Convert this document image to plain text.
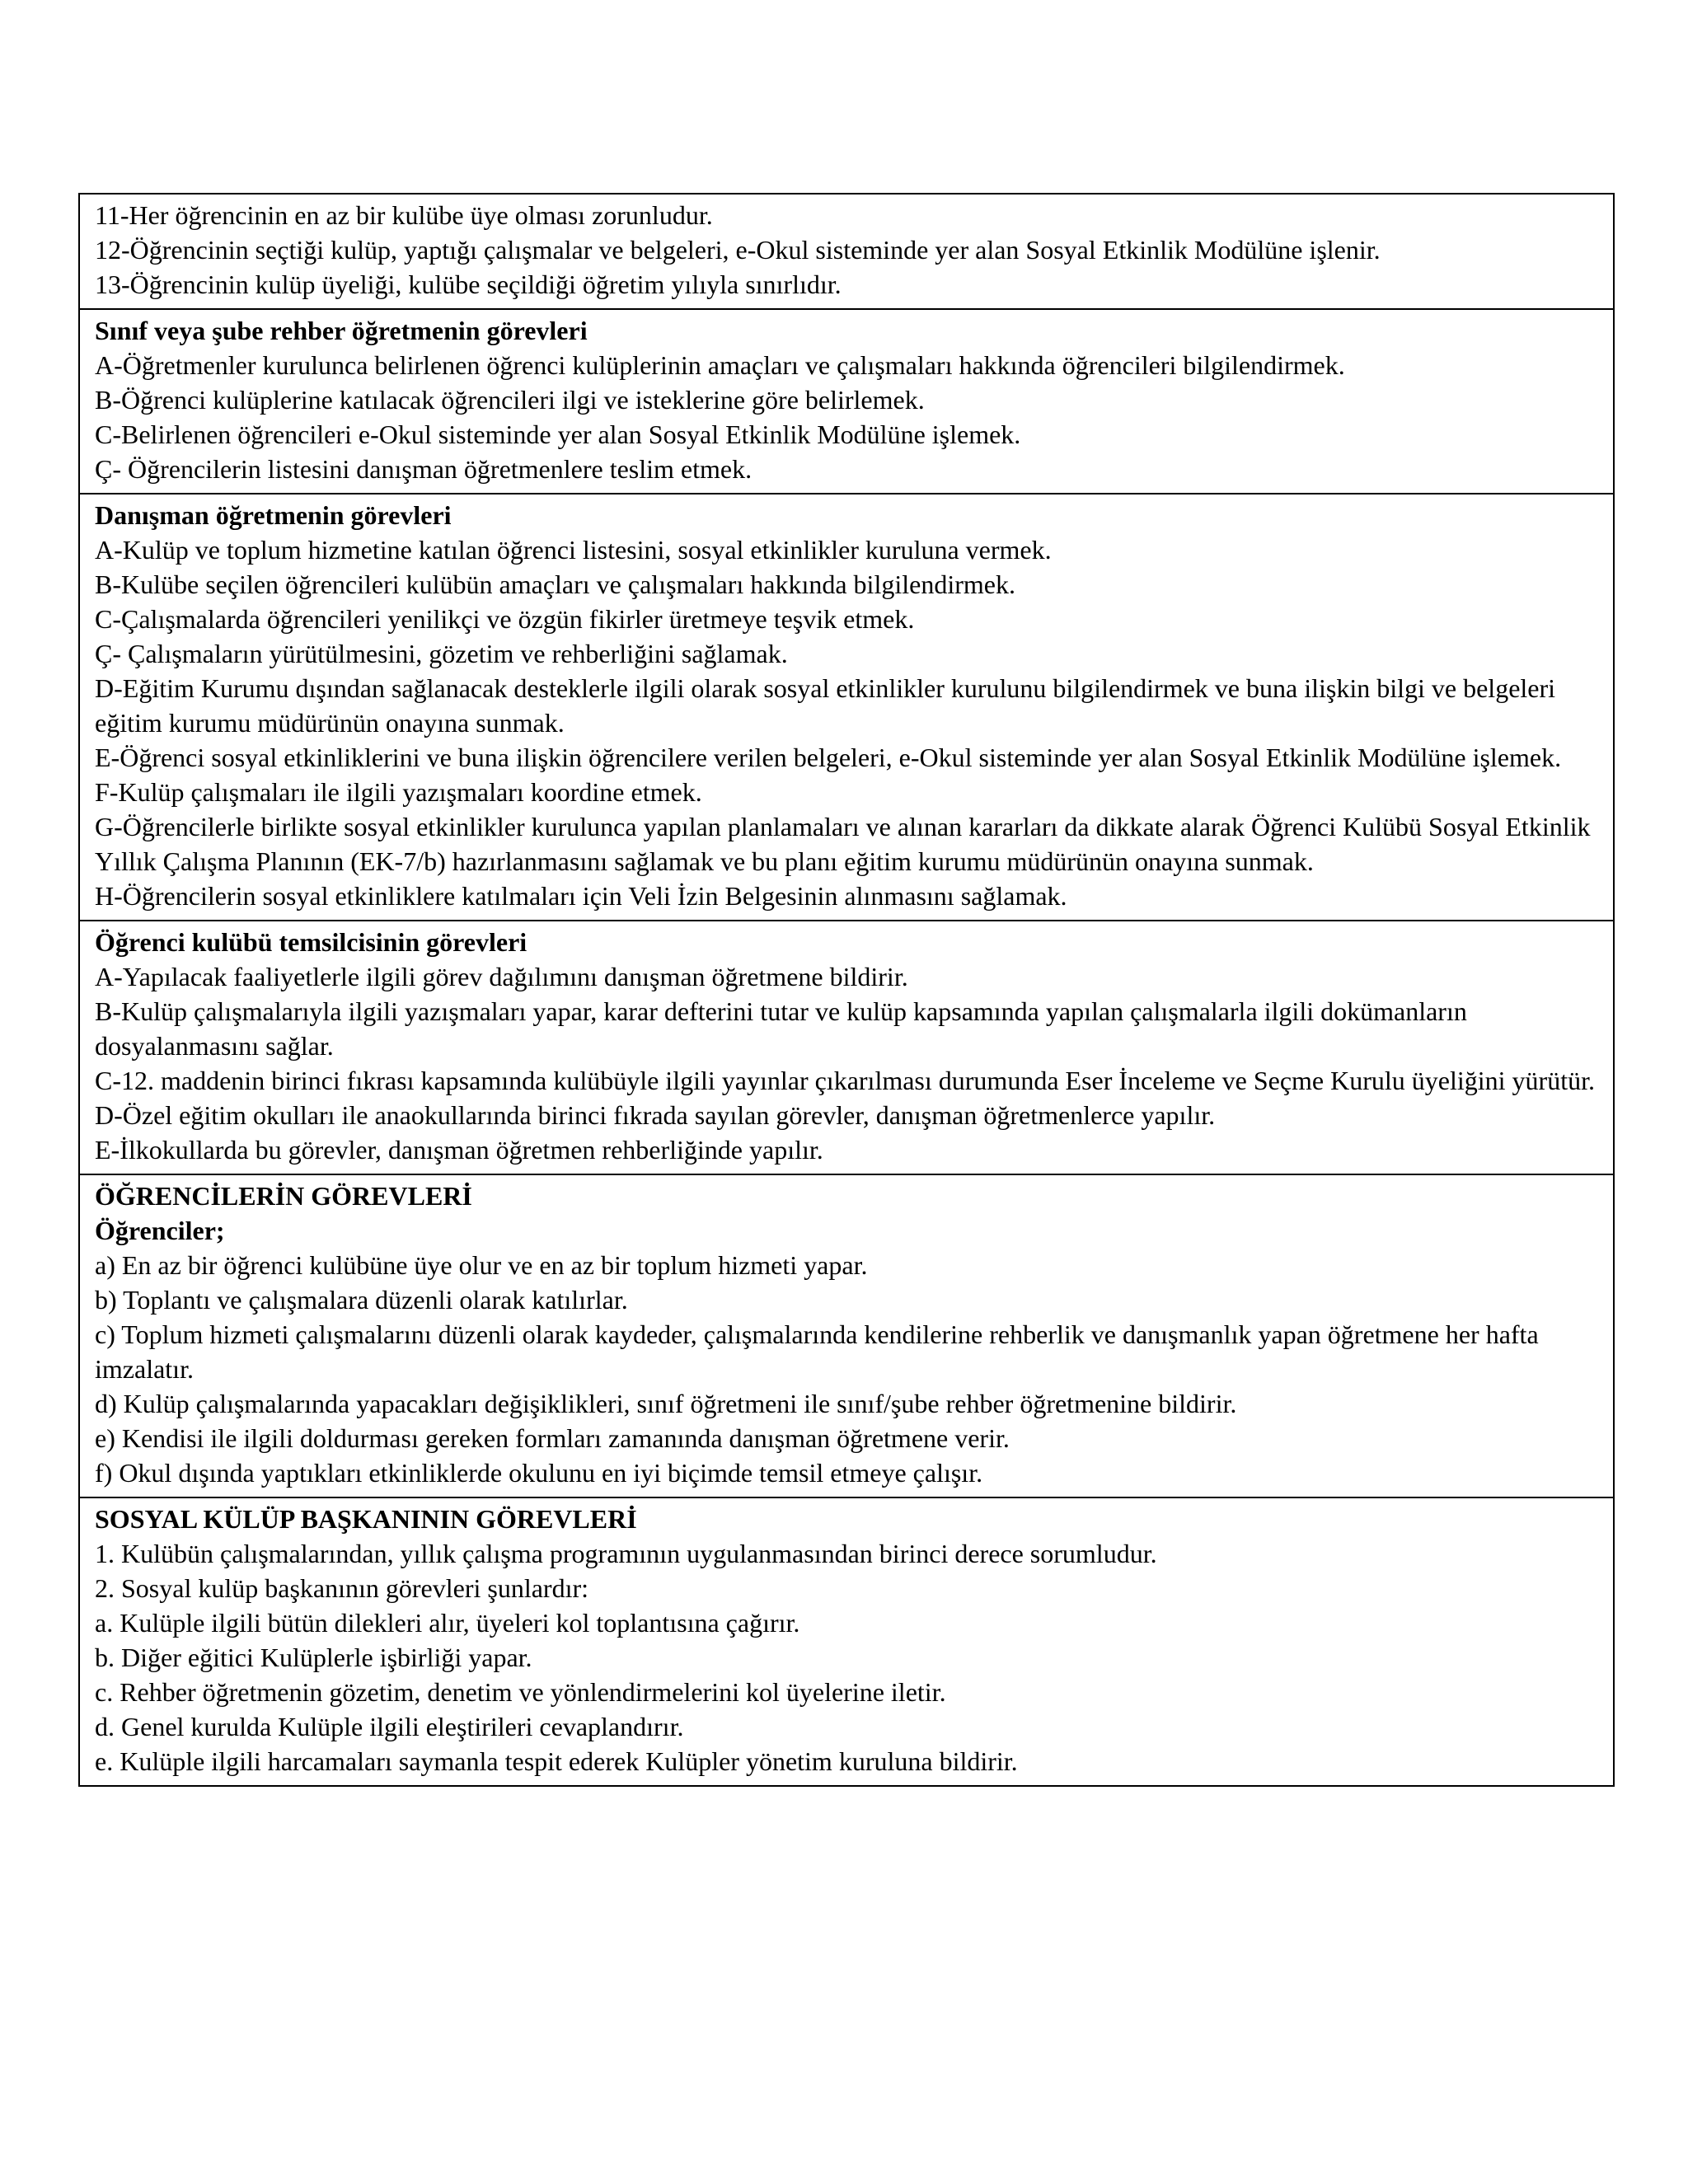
11-Her öğrencinin en az bir kulübe üye olması zorunludur.
12-Öğrencinin seçtiği kulüp, yaptığı çalışmalar ve belgeleri, e-Okul sisteminde yer alan Sosyal Etkinlik Modülüne işlenir.
13-Öğrencinin kulüp üyeliği, kulübe seçildiği öğretim yılıyla sınırlıdır.

Sınıf veya şube rehber öğretmenin görevleri
A-Öğretmenler kurulunca belirlenen öğrenci kulüplerinin amaçları ve çalışmaları hakkında öğrencileri bilgilendirmek.
B-Öğrenci kulüplerine katılacak öğrencileri ilgi ve isteklerine göre belirlemek.
C-Belirlenen öğrencileri e-Okul sisteminde yer alan Sosyal Etkinlik Modülüne işlemek.
Ç- Öğrencilerin listesini danışman öğretmenlere teslim etmek.

Danışman öğretmenin görevleri
A-Kulüp ve toplum hizmetine katılan öğrenci listesini, sosyal etkinlikler kuruluna vermek.
B-Kulübe seçilen öğrencileri kulübün amaçları ve çalışmaları hakkında bilgilendirmek.
C-Çalışmalarda öğrencileri yenilikçi ve özgün fikirler üretmeye teşvik etmek.
Ç- Çalışmaların yürütülmesini, gözetim ve rehberliğini sağlamak.
D-Eğitim Kurumu dışından sağlanacak desteklerle ilgili olarak sosyal etkinlikler kurulunu bilgilendirmek ve buna ilişkin bilgi ve belgeleri eğitim kurumu müdürünün onayına sunmak.
E-Öğrenci sosyal etkinliklerini ve buna ilişkin öğrencilere verilen belgeleri, e-Okul sisteminde yer alan Sosyal Etkinlik Modülüne işlemek.
F-Kulüp çalışmaları ile ilgili yazışmaları koordine etmek.
G-Öğrencilerle birlikte sosyal etkinlikler kurulunca yapılan planlamaları ve alınan kararları da dikkate alarak Öğrenci Kulübü Sosyal Etkinlik Yıllık Çalışma Planının (EK-7/b) hazırlanmasını sağlamak ve bu planı eğitim kurumu müdürünün onayına sunmak.
H-Öğrencilerin sosyal etkinliklere katılmaları için Veli İzin Belgesinin alınmasını sağlamak.

Öğrenci kulübü temsilcisinin görevleri
A-Yapılacak faaliyetlerle ilgili görev dağılımını danışman öğretmene bildirir.
B-Kulüp çalışmalarıyla ilgili yazışmaları yapar, karar defterini tutar ve kulüp kapsamında yapılan çalışmalarla ilgili dokümanların dosyalanmasını sağlar.
C-12. maddenin birinci fıkrası kapsamında kulübüyle ilgili yayınlar çıkarılması durumunda Eser İnceleme ve Seçme Kurulu üyeliğini yürütür.
D-Özel eğitim okulları ile anaokullarında birinci fıkrada sayılan görevler, danışman öğretmenlerce yapılır.
E-İlkokullarda bu görevler, danışman öğretmen rehberliğinde yapılır.

ÖĞRENCİLERİN GÖREVLERİ
Öğrenciler;
a) En az bir öğrenci kulübüne üye olur ve en az bir toplum hizmeti yapar.
b) Toplantı ve çalışmalara düzenli olarak katılırlar.
c) Toplum hizmeti çalışmalarını düzenli olarak kaydeder, çalışmalarında kendilerine rehberlik ve danışmanlık yapan öğretmene her hafta imzalatır.
d) Kulüp çalışmalarında yapacakları değişiklikleri, sınıf öğretmeni ile sınıf/şube rehber öğretmenine bildirir.
e) Kendisi ile ilgili doldurması gereken formları zamanında danışman öğretmene verir.
f) Okul dışında yaptıkları etkinliklerde okulunu en iyi biçimde temsil etmeye çalışır.

SOSYAL KÜLÜP BAŞKANININ GÖREVLERİ
1. Kulübün çalışmalarından, yıllık çalışma programının uygulanmasından birinci derece sorumludur.
2. Sosyal kulüp başkanının görevleri şunlardır:
a. Kulüple ilgili bütün dilekleri alır, üyeleri kol toplantısına çağırır.
b. Diğer eğitici Kulüplerle işbirliği yapar.
c. Rehber öğretmenin gözetim, denetim ve yönlendirmelerini kol üyelerine iletir.
d. Genel kurulda Kulüple ilgili eleştirileri cevaplandırır.
e. Kulüple ilgili harcamaları saymanla tespit ederek Kulüpler yönetim kuruluna bildirir.
